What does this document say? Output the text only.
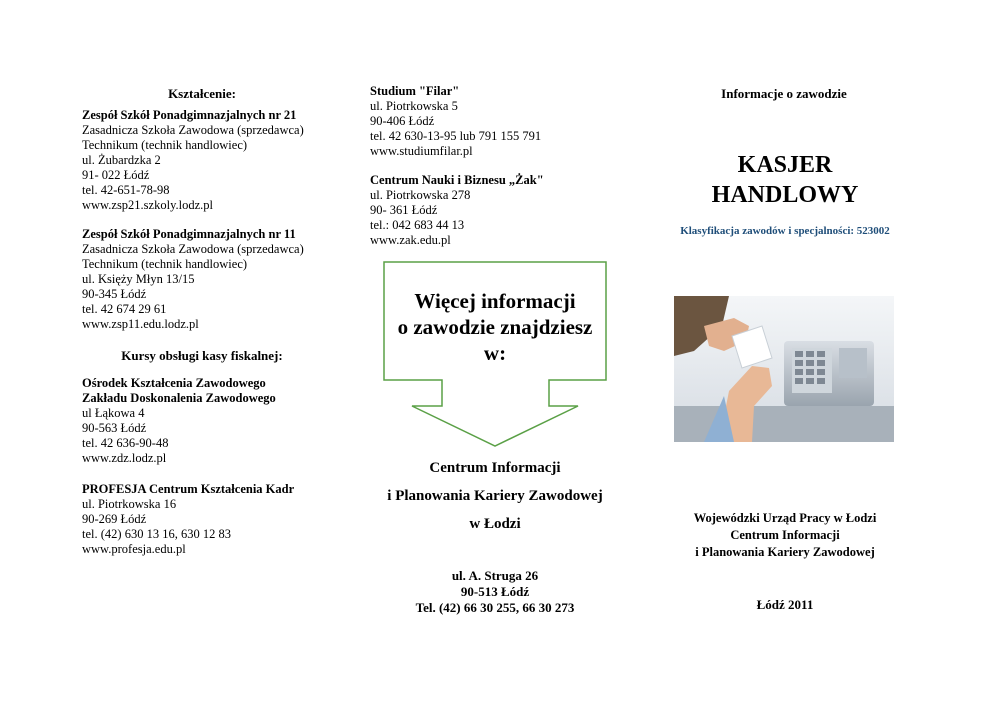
Kształcenie:
Zespół Szkół Ponadgimnazjalnych nr 21
Zasadnicza Szkoła Zawodowa (sprzedawca)
Technikum (technik handlowiec)
ul. Żubardzka 2
91- 022 Łódź
tel. 42-651-78-98
www.zsp21.szkoly.lodz.pl
Zespół Szkół Ponadgimnazjalnych nr 11
Zasadnicza Szkoła Zawodowa (sprzedawca)
Technikum (technik handlowiec)
ul. Księży Młyn 13/15
90-345 Łódź
tel. 42 674 29 61
www.zsp11.edu.lodz.pl
Kursy obsługi kasy fiskalnej:
Ośrodek Kształcenia Zawodowego
Zakładu Doskonalenia Zawodowego
ul Łąkowa 4
90-563 Łódź
tel. 42 636-90-48
www.zdz.lodz.pl
PROFESJA Centrum Kształcenia Kadr
ul. Piotrkowska 16
90-269 Łódź
tel. (42) 630 13 16, 630 12 83
www.profesja.edu.pl
Studium "Filar"
ul. Piotrkowska 5
90-406 Łódź
tel. 42 630-13-95 lub 791 155 791
www.studiumfilar.pl
Centrum Nauki i Biznesu „Żak"
ul. Piotrkowska 278
90- 361 Łódź
tel.: 042 683 44 13
www.zak.edu.pl
Więcej informacji
o zawodzie znajdziesz
w:
Centrum Informacji
i Planowania Kariery Zawodowej
w Łodzi
ul. A. Struga 26
90-513 Łódź
Tel. (42) 66 30 255, 66 30 273
Informacje o zawodzie
KASJER
HANDLOWY
Klasyfikacja zawodów i specjalności: 523002
Wojewódzki Urząd Pracy w Łodzi
Centrum Informacji
i Planowania Kariery Zawodowej
Łódź 2011
